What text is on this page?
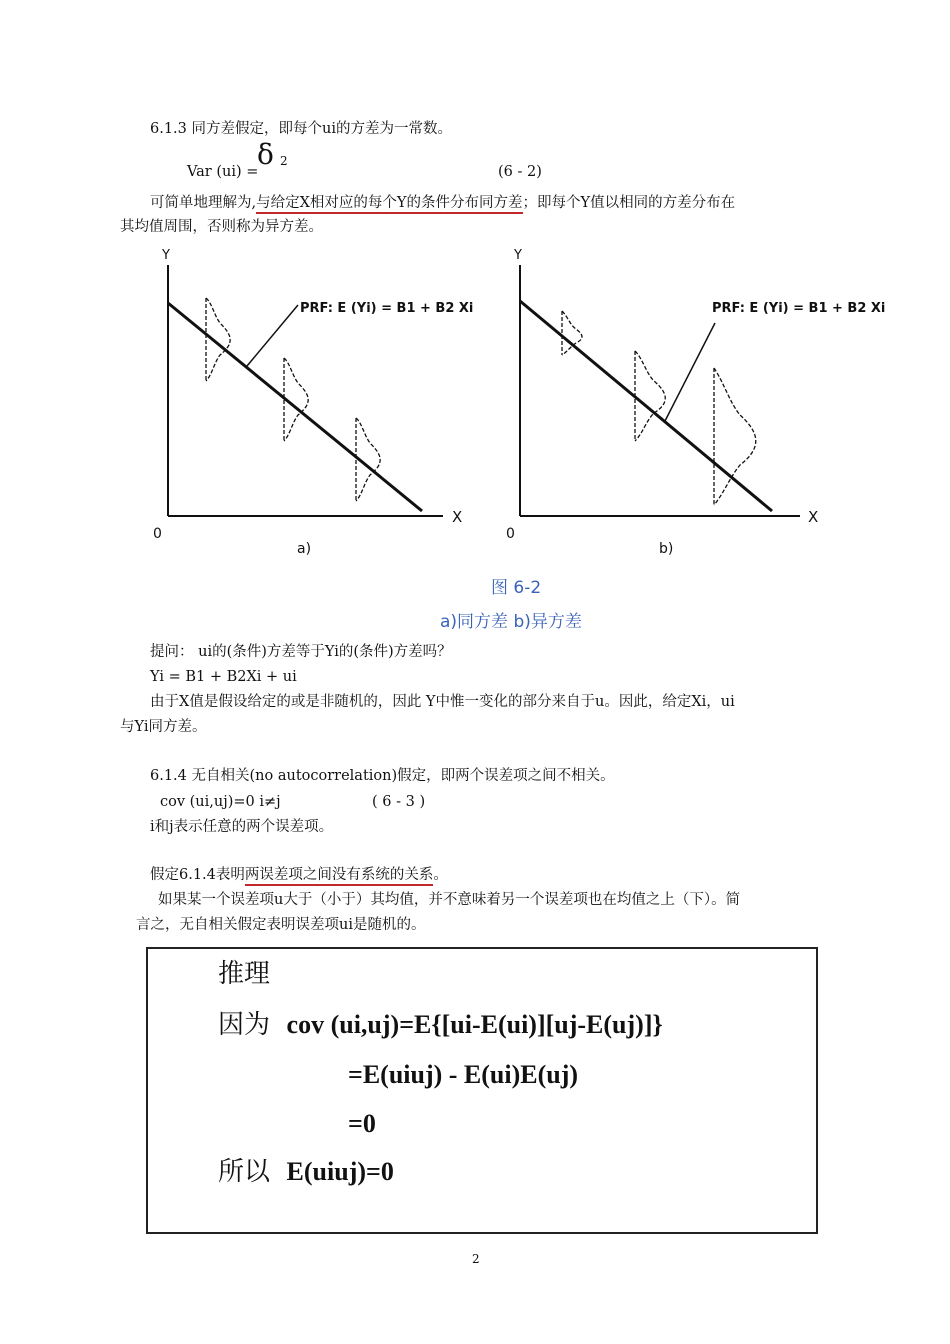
6.1.3 同方差假定，即每个ui的方差为一常数。
Var (ui) =
δ 2
(6 - 2)
可简单地理解为,与给定X相对应的每个Y的条件分布同方差；即每个Y值以相同的方差分布在
其均值周围，否则称为异方差。
Y
X
0
PRF: E (Yi) = B1 + B2 Xi
a)
Y
X
0
PRF: E (Yi) = B1 + B2 Xi
b)
图 6-2
a)同方差 b)异方差
提问： ui的(条件)方差等于Yi的(条件)方差吗？
Yi = B1 + B2Xi + ui
由于X值是假设给定的或是非随机的，因此 Y中惟一变化的部分来自于u。因此，给定Xi，ui
与Yi同方差。
6.1.4 无自相关(no autocorrelation)假定，即两个误差项之间不相关。
cov (ui,uj)=0 i≠j	( 6 - 3 )
i和j表示任意的两个误差项。
假定6.1.4表明两误差项之间没有系统的关系。
如果某一个误差项u大于（小于）其均值，并不意味着另一个误差项也在均值之上（下）。简
言之，无自相关假定表明误差项ui是随机的。
推理
因为 cov (ui,uj)=E{[ui-E(ui)][uj-E(uj)]}
=E(uiuj) - E(ui)E(uj)
=0
所以 E(uiuj)=0
2
